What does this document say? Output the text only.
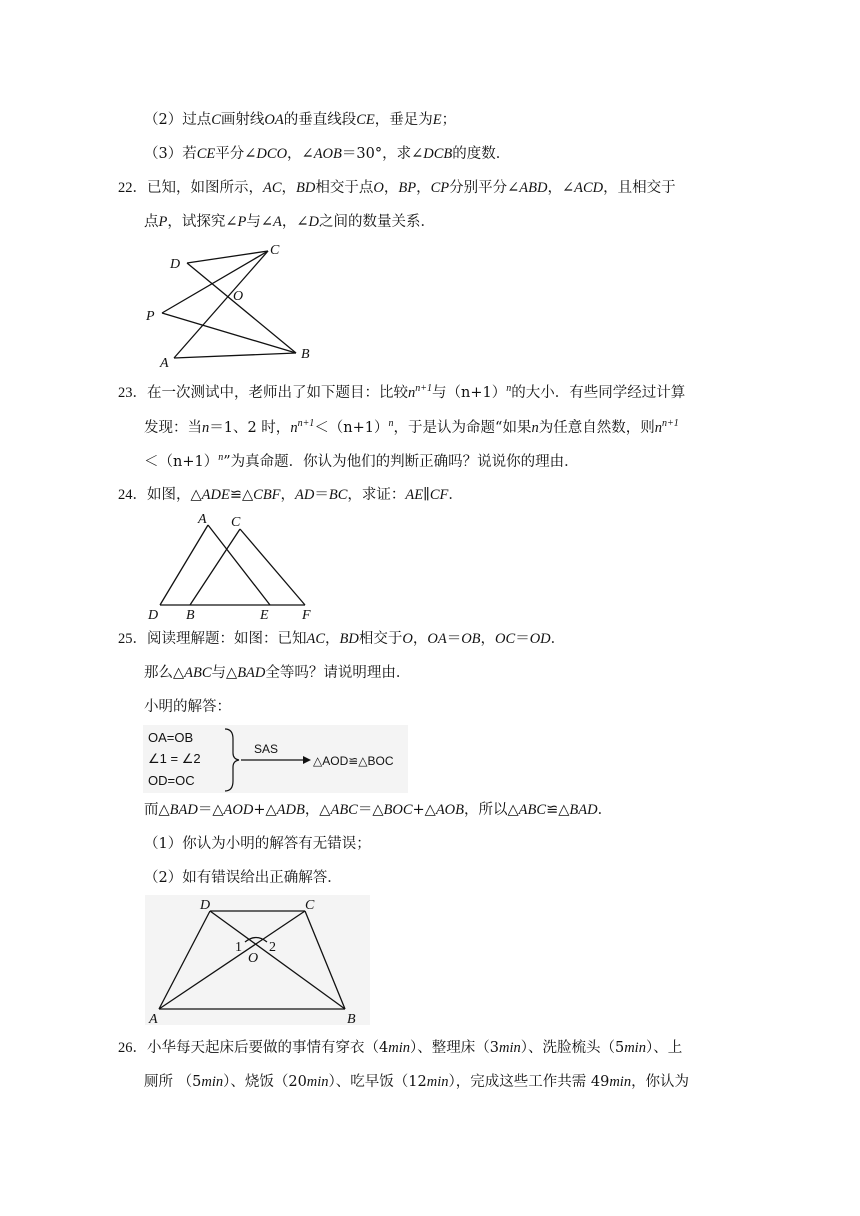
（2）过点C画射线OA的垂直线段CE，垂足为E；
（3）若CE平分∠DCO，∠AOB＝30°，求∠DCB的度数．
22．已知，如图所示，AC，BD相交于点O，BP，CP分别平分∠ABD，∠ACD，且相交于
点P，试探究∠P与∠A，∠D之间的数量关系．
D
C
O
P
A
B
23．在一次测试中，老师出了如下题目：比较$n^{n+1}$与$(n+1)^n$的大小．有些同学经过计算
发现：当n＝1、2 时，$n^{n+1}<(n+1)^n$，于是认为命题“如果n为任意自然数，则$n^{n+1}$
$<(n+1)^n$”为真命题．你认为他们的判断正确吗？说说你的理由．
24．如图，△ADE≌△CBF，AD＝BC，求证：AE∥CF．
A C
D B	E F
25．阅读理解题：如图：已知AC，BD相交于O，OA＝OB，OC＝OD．
那么△ABC与△BAD全等吗？请说明理由．
小明的解答：
OA=OB
∠1 = ∠2
OD=OC
SAS
△AOD≌△BOC
而△BAD＝△AOD+△ADB，△ABC＝△BOC+△AOB，所以△ABC≌△BAD．
（1）你认为小明的解答有无错误；
（2）如有错误给出正确解答．
D	C
O
1 2
A	B
26．小华每天起床后要做的事情有穿衣（4min）、整理床（3min）、洗脸梳头（5min）、上
厕所 （5min）、烧饭（20min）、吃早饭（12min），完成这些工作共需 49min，你认为
